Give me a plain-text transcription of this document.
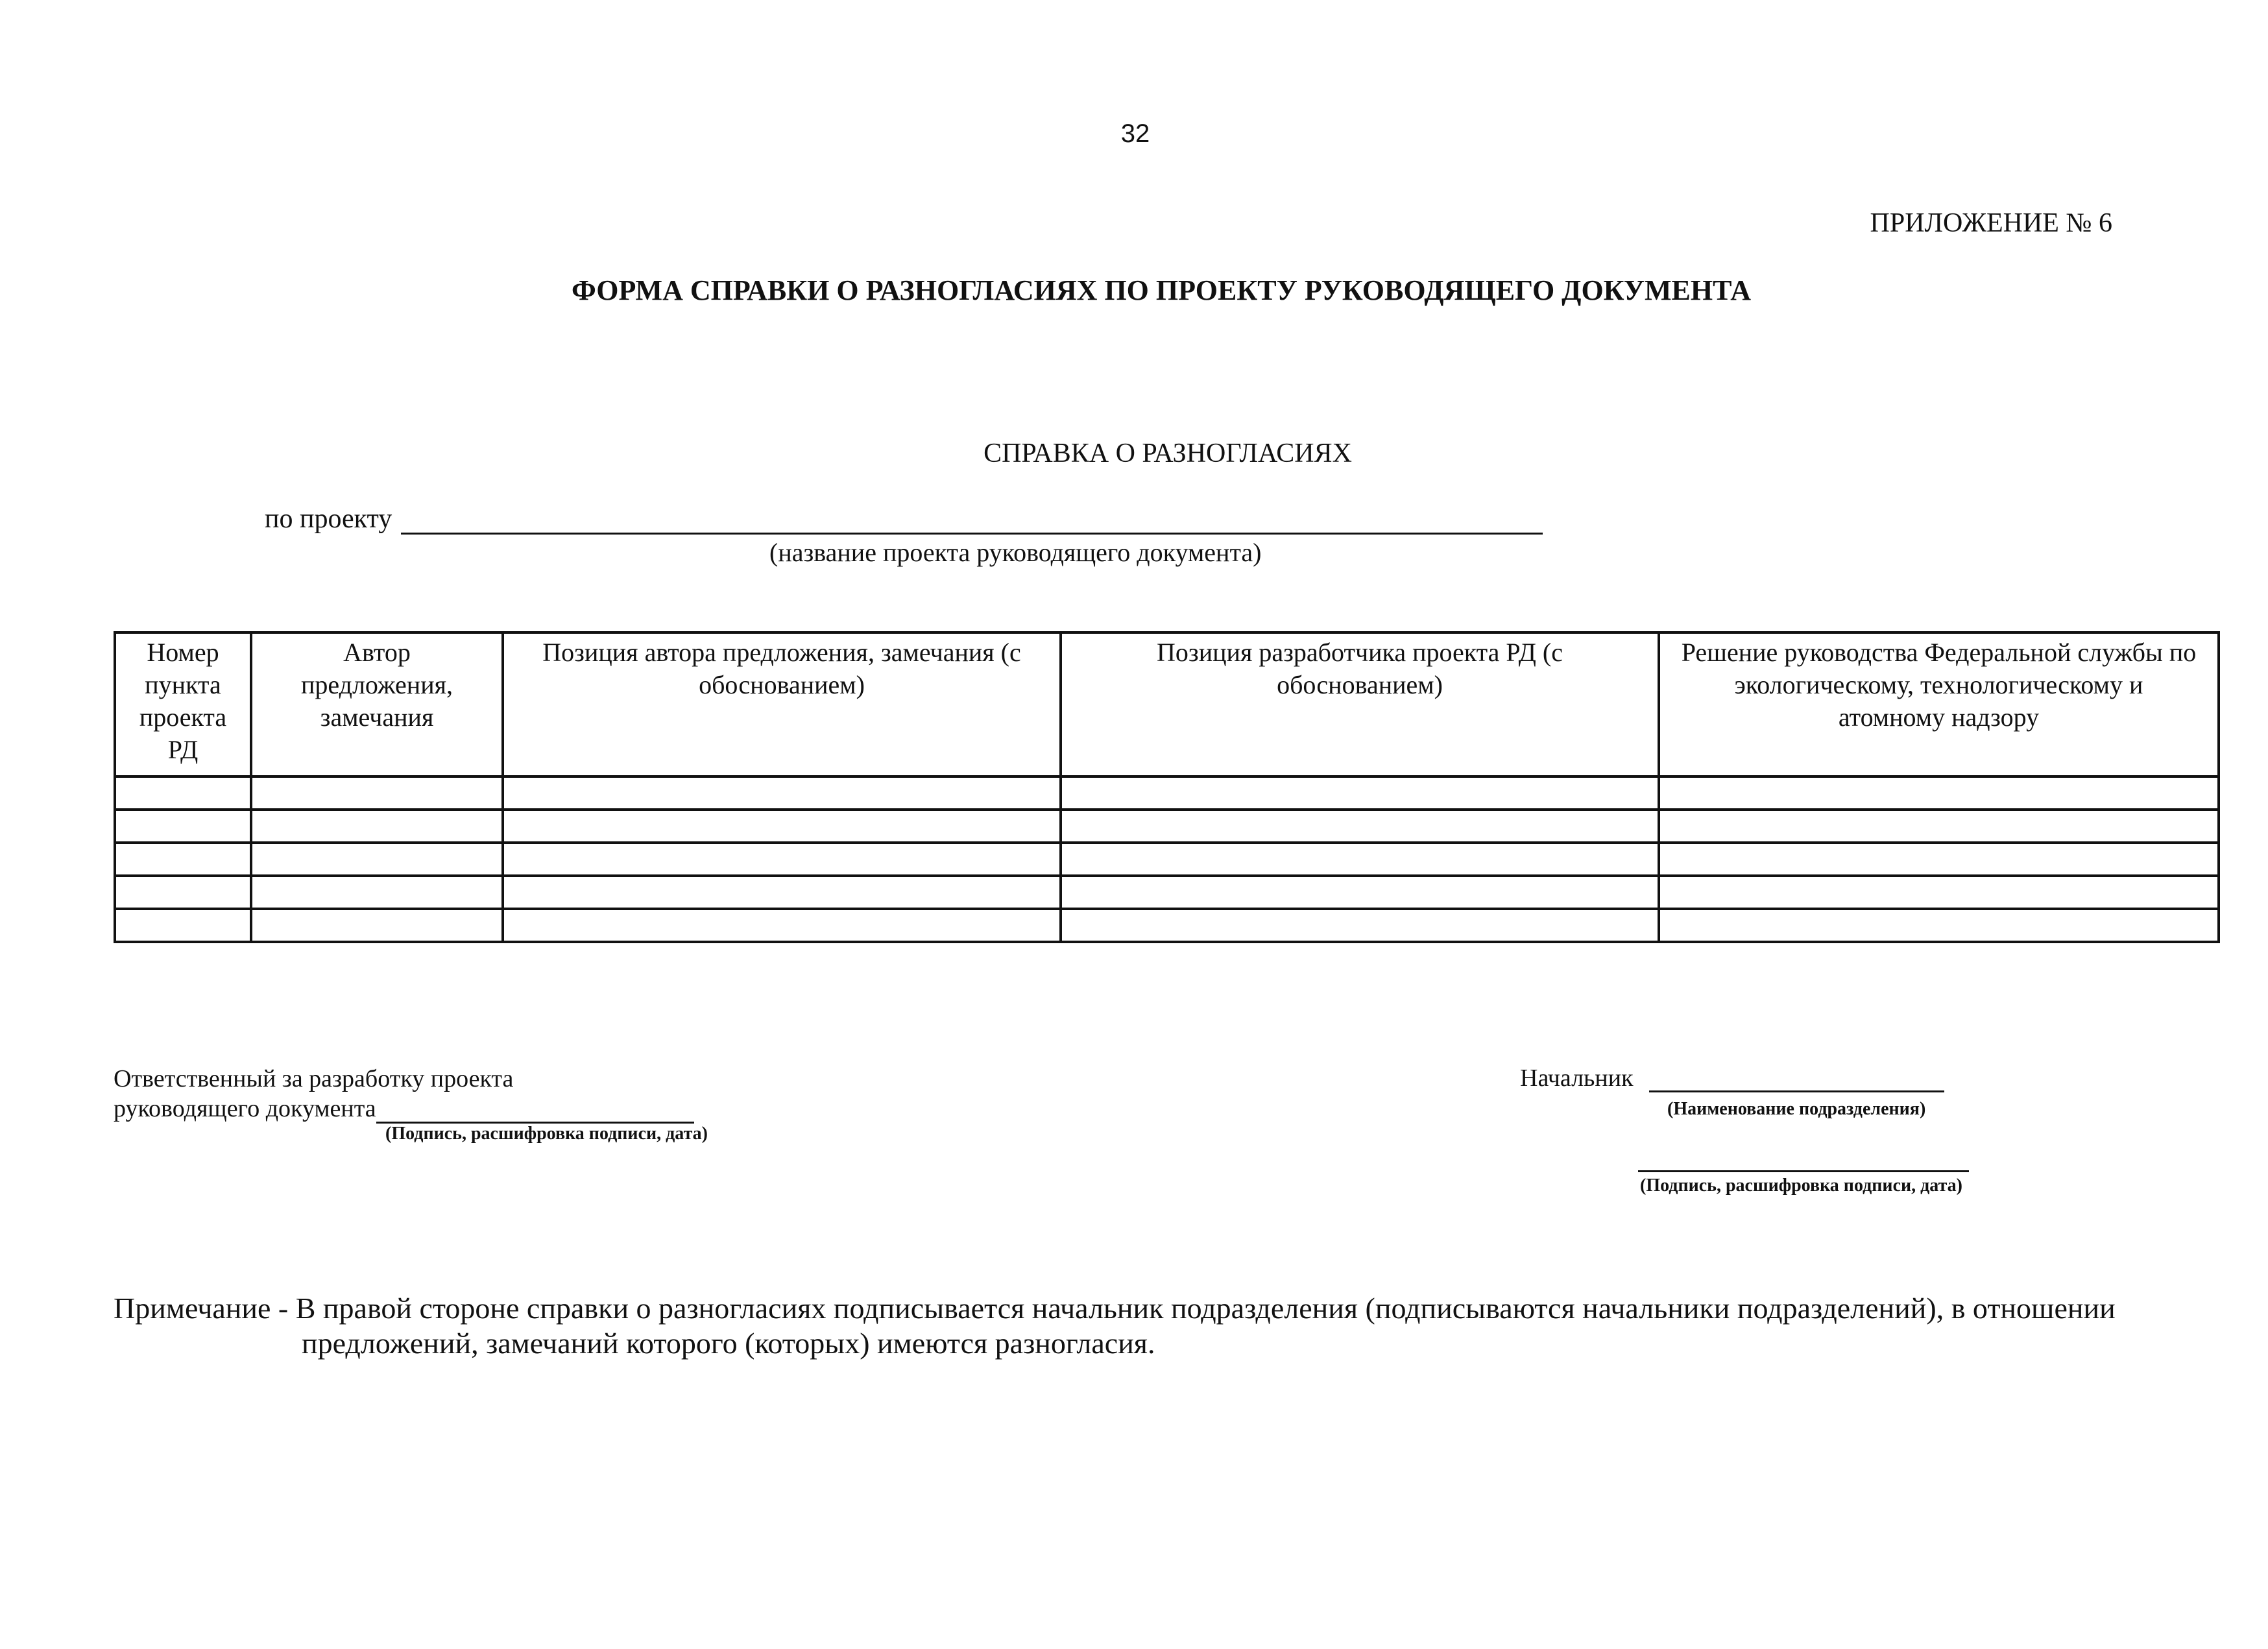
32
ПРИЛОЖЕНИЕ № 6
ФОРМА СПРАВКИ О РАЗНОГЛАСИЯХ ПО ПРОЕКТУ РУКОВОДЯЩЕГО ДОКУМЕНТА
СПРАВКА О РАЗНОГЛАСИЯХ
по проекту
(название проекта руководящего документа)
Номер пункта проекта РД	Автор предложения, замечания	Позиция автора предложения, замечания (с обоснованием)	Позиция разработчика проекта РД (с обоснованием)	Решение руководства Федеральной службы по экологическому, технологическому и атомному надзору

Ответственный за разработку проекта
руководящего документа
(Подпись, расшифровка подписи, дата)
Начальник
(Наименование подразделения)
(Подпись, расшифровка подписи, дата)
Примечание - В правой стороне справки о разногласиях подписывается начальник подразделения (подписываются начальники подразделений), в отношении
предложений, замечаний которого (которых) имеются разногласия.
